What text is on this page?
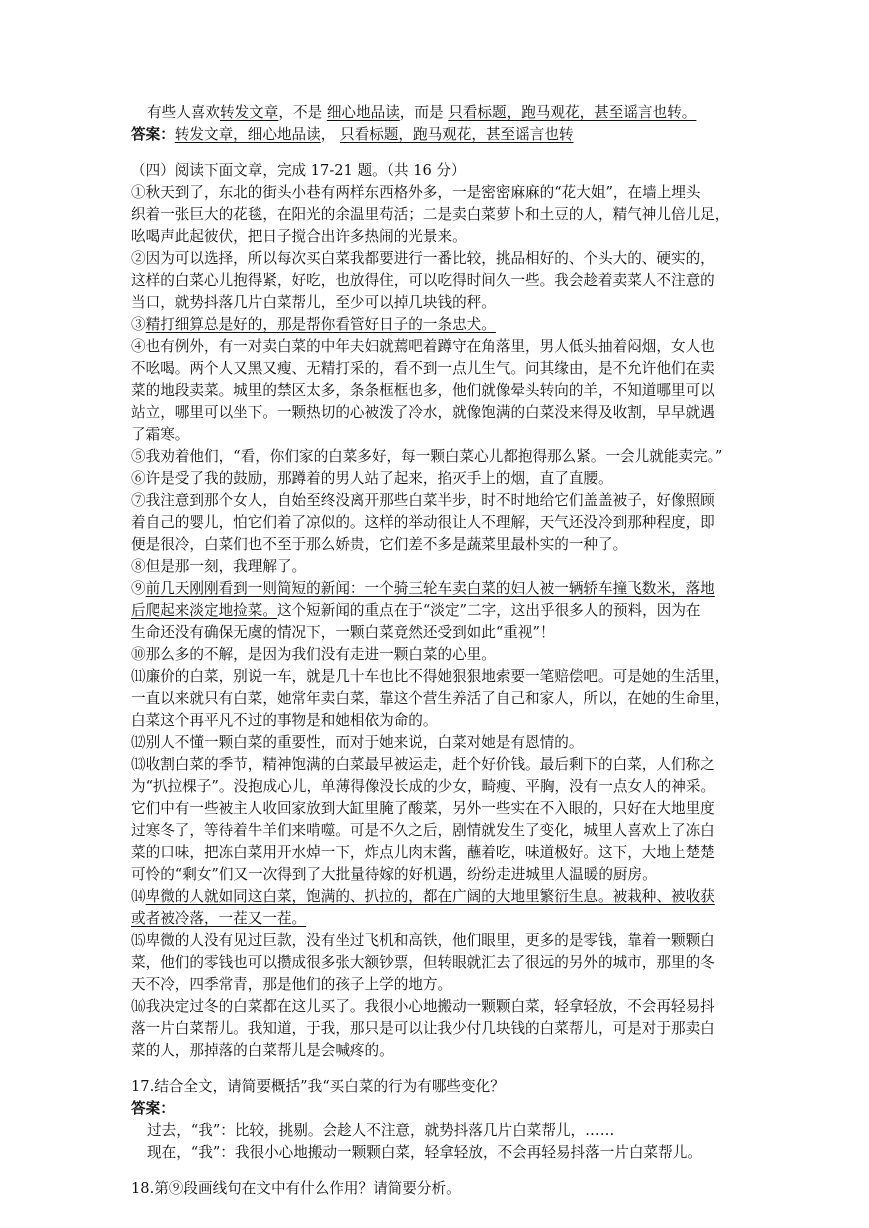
有些人喜欢转发文章，不是 细心地品读，而是 只看标题，跑马观花，甚至谣言也转。
答案：转发文章，细心地品读， 只看标题，跑马观花，甚至谣言也转
（四）阅读下面文章，完成 17-21 题。（共 16 分）
①秋天到了，东北的街头小巷有两样东西格外多，一是密密麻麻的“花大姐”，在墙上埋头
织着一张巨大的花毯，在阳光的余温里苟活；二是卖白菜萝卜和土豆的人，精气神儿倍儿足，
吆喝声此起彼伏，把日子搅合出许多热闹的光景来。
②因为可以选择，所以每次买白菜我都要进行一番比较，挑品相好的、个头大的、硬实的，
这样的白菜心儿抱得紧，好吃，也放得住，可以吃得时间久一些。我会趁着卖菜人不注意的
当口，就势抖落几片白菜帮儿，至少可以掉几块钱的秤。
③精打细算总是好的，那是帮你看管好日子的一条忠犬。
④也有例外，有一对卖白菜的中年夫妇就蔫吧着蹲守在角落里，男人低头抽着闷烟，女人也
不吆喝。两个人又黑又瘦、无精打采的，看不到一点儿生气。问其缘由，是不允许他们在卖
菜的地段卖菜。城里的禁区太多，条条框框也多，他们就像晕头转向的羊，不知道哪里可以
站立，哪里可以坐下。一颗热切的心被泼了冷水，就像饱满的白菜没来得及收割，早早就遇
了霜寒。
⑤我劝着他们，“看，你们家的白菜多好，每一颗白菜心儿都抱得那么紧。一会儿就能卖完。”
⑥许是受了我的鼓励，那蹲着的男人站了起来，掐灭手上的烟，直了直腰。
⑦我注意到那个女人，自始至终没离开那些白菜半步，时不时地给它们盖盖被子，好像照顾
着自己的婴儿，怕它们着了凉似的。这样的举动很让人不理解，天气还没冷到那种程度，即
便是很冷，白菜们也不至于那么娇贵，它们差不多是蔬菜里最朴实的一种了。
⑧但是那一刻，我理解了。
⑨前几天刚刚看到一则简短的新闻：一个骑三轮车卖白菜的妇人被一辆轿车撞飞数米，落地
后爬起来淡定地捡菜。这个短新闻的重点在于“淡定”二字，这出乎很多人的预料，因为在
生命还没有确保无虞的情况下，一颗白菜竟然还受到如此“重视”！
⑩那么多的不解，是因为我们没有走进一颗白菜的心里。
⑾廉价的白菜，别说一车，就是几十车也比不得她狠狠地索要一笔赔偿吧。可是她的生活里，
一直以来就只有白菜，她常年卖白菜，靠这个营生养活了自己和家人，所以，在她的生命里，
白菜这个再平凡不过的事物是和她相依为命的。
⑿别人不懂一颗白菜的重要性，而对于她来说，白菜对她是有恩情的。
⒀收割白菜的季节，精神饱满的白菜最早被运走，赶个好价钱。最后剩下的白菜，人们称之
为“扒拉棵子”。没抱成心儿，单薄得像没长成的少女，畸瘦、平胸，没有一点女人的神采。
它们中有一些被主人收回家放到大缸里腌了酸菜，另外一些实在不入眼的，只好在大地里度
过寒冬了，等待着牛羊们来啃噬。可是不久之后，剧情就发生了变化，城里人喜欢上了冻白
菜的口味，把冻白菜用开水焯一下，炸点儿肉末酱，蘸着吃，味道极好。这下，大地上楚楚
可怜的“剩女”们又一次得到了大批量待嫁的好机遇，纷纷走进城里人温暖的厨房。
⒁卑微的人就如同这白菜，饱满的、扒拉的，都在广阔的大地里繁衍生息。被栽种、被收获
或者被冷落，一茬又一茬。
⒂卑微的人没有见过巨款，没有坐过飞机和高铁，他们眼里，更多的是零钱，靠着一颗颗白
菜，他们的零钱也可以攒成很多张大额钞票，但转眼就汇去了很远的另外的城市，那里的冬
天不冷，四季常青，那是他们的孩子上学的地方。
⒃我决定过冬的白菜都在这儿买了。我很小心地搬动一颗颗白菜，轻拿轻放，不会再轻易抖
落一片白菜帮儿。我知道，于我，那只是可以让我少付几块钱的白菜帮儿，可是对于那卖白
菜的人，那掉落的白菜帮儿是会喊疼的。
17.结合全文，请简要概括”我“买白菜的行为有哪些变化？
答案：
过去，“我”：比较，挑剔。会趁人不注意，就势抖落几片白菜帮儿，……
现在，“我”：我很小心地搬动一颗颗白菜，轻拿轻放，不会再轻易抖落一片白菜帮儿。
18.第⑨段画线句在文中有什么作用？请简要分析。
